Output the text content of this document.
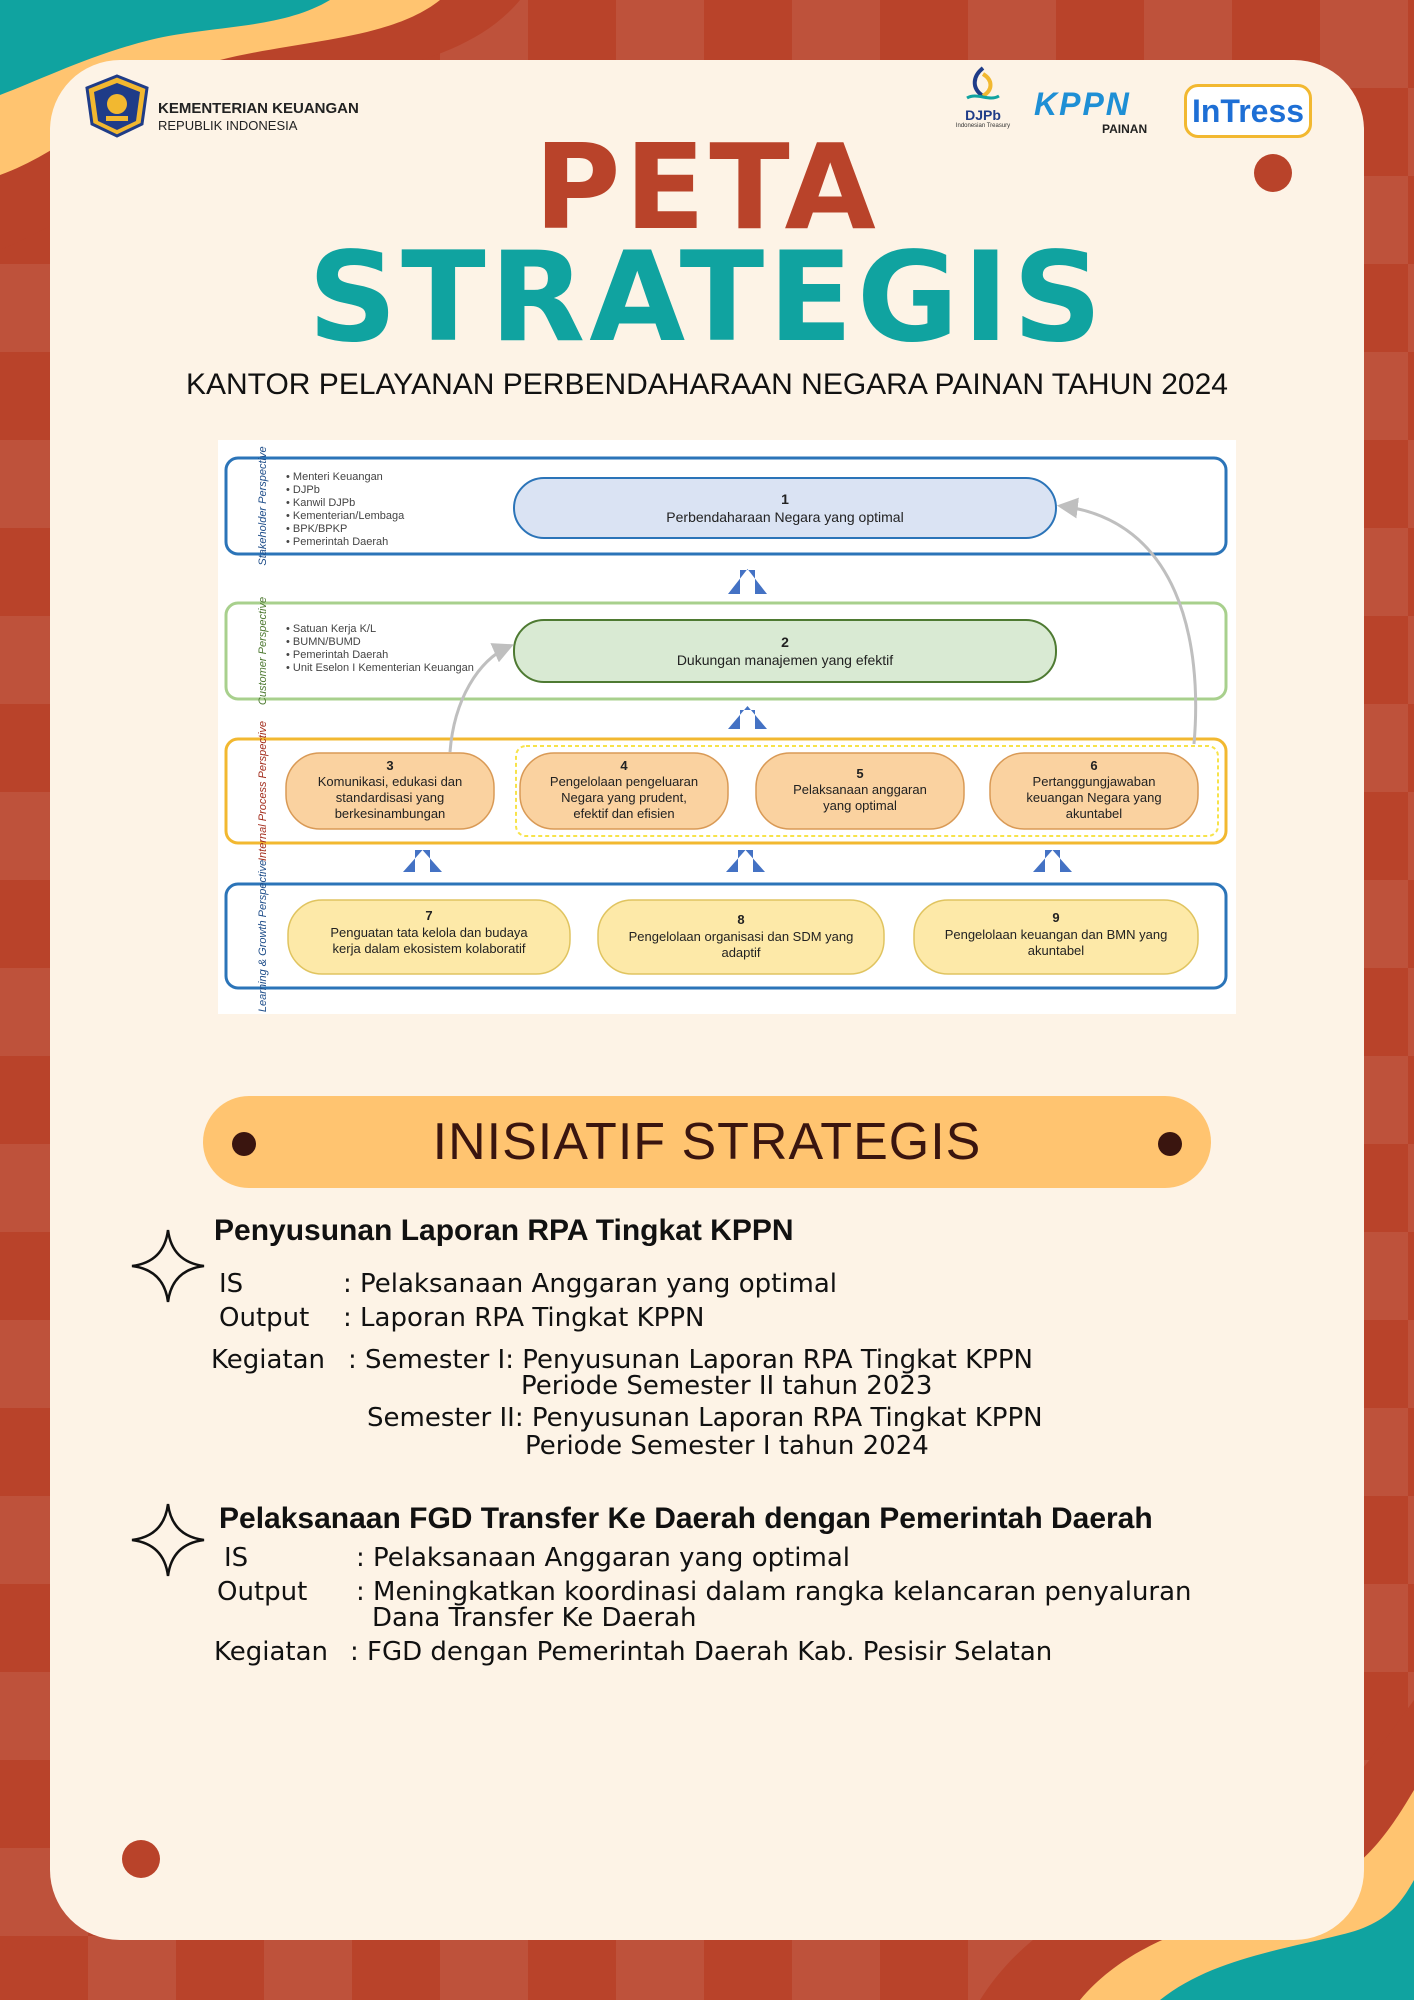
KEMENTERIAN KEUANGAN
REPUBLIK INDONESIA
DJPb
Indonesian Treasury
KPPN
PAINAN InTress
PETA
STRATEGIS
KANTOR PELAYANAN PERBENDAHARAAN NEGARA PAINAN TAHUN 2024
Stakeholder Perspective
Customer Perspective
Internal Process Perspective
Learning & Growth Perspective
• Menteri Keuangan
• DJPb
• Kanwil DJPb
• Kementerian/Lembaga
• BPK/BPKP
• Pemerintah Daerah
• Satuan Kerja K/L
• BUMN/BUMD
• Pemerintah Daerah
• Unit Eselon I Kementerian Keuangan
1
Perbendaharaan Negara yang optimal
2
Dukungan manajemen yang efektif
3
Komunikasi, edukasi dan
standardisasi yang
berkesinambungan
4
Pengelolaan pengeluaran
Negara yang prudent,
efektif dan efisien
5
Pelaksanaan anggaran
yang optimal
6
Pertanggungjawaban
keuangan Negara yang
akuntabel
7
Penguatan tata kelola dan budaya
kerja dalam ekosistem kolaboratif
8
Pengelolaan organisasi dan SDM yang
adaptif
9
Pengelolaan keuangan dan BMN yang
akuntabel
INISIATIF STRATEGIS
Penyusunan Laporan RPA Tingkat KPPN
IS	: Pelaksanaan Anggaran yang optimal
Output : Laporan RPA Tingkat KPPN
Kegiatan : Semester I: Penyusunan Laporan RPA Tingkat KPPN
Periode Semester II tahun 2023
Semester II: Penyusunan Laporan RPA Tingkat KPPN
Periode Semester I tahun 2024
Pelaksanaan FGD Transfer Ke Daerah dengan Pemerintah Daerah
IS	: Pelaksanaan Anggaran yang optimal
Output : Meningkatkan koordinasi dalam rangka kelancaran penyaluran
Dana Transfer Ke Daerah
Kegiatan : FGD dengan Pemerintah Daerah Kab. Pesisir Selatan
